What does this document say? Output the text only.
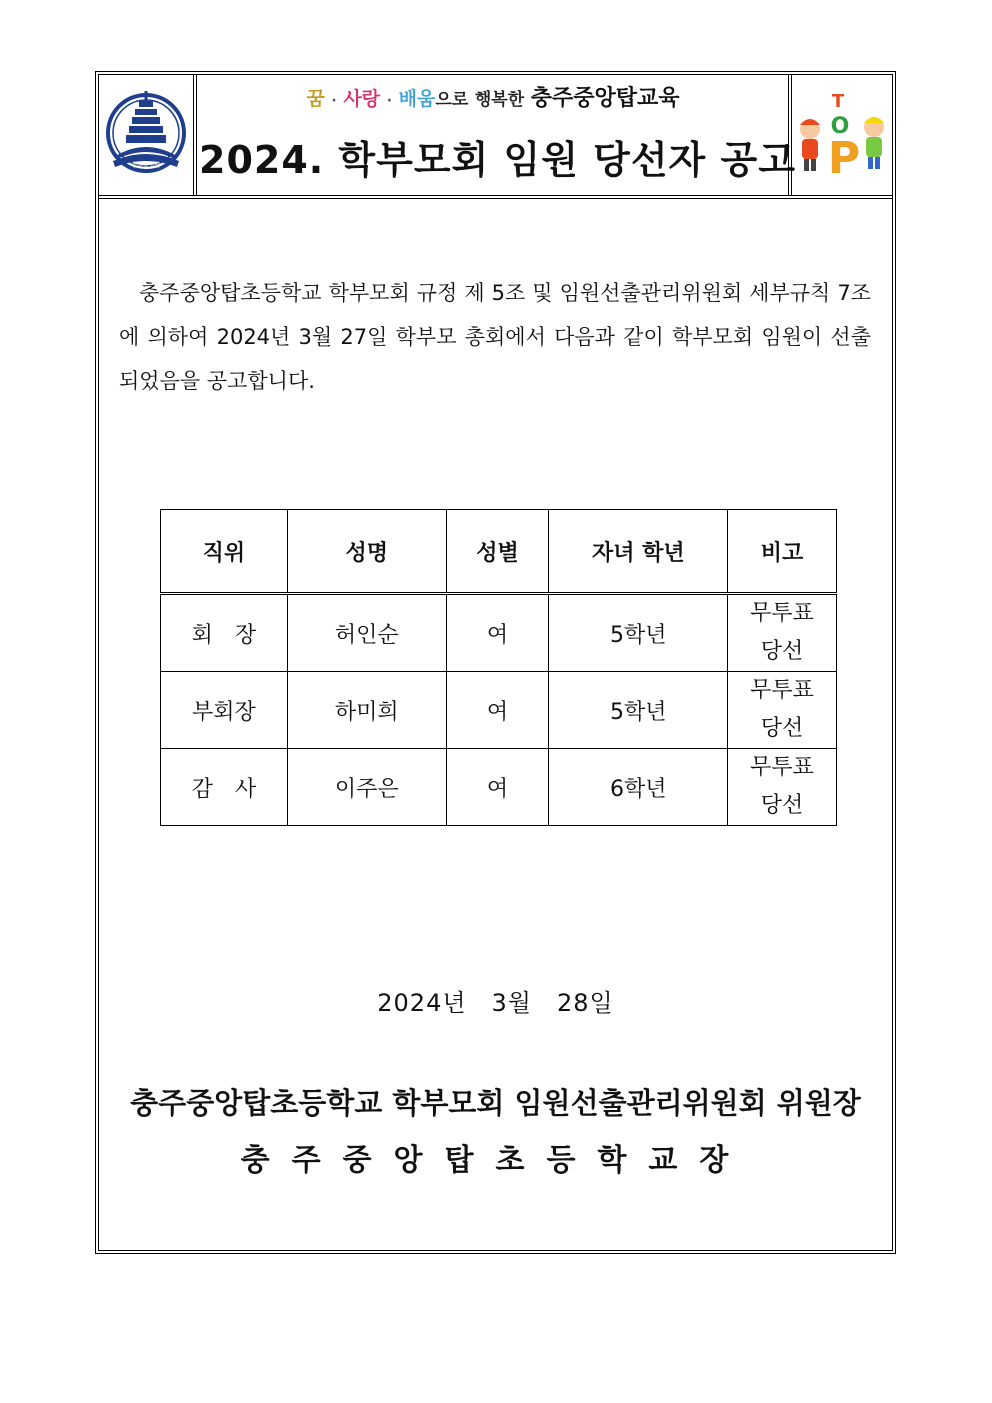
충주중앙탑
꿈 · 사랑 · 배움으로 행복한 충주중앙탑교육
2024. 학부모회 임원 당선자 공고
T
O
P

충주중앙탑초등학교 학부모회 규정 제 5조 및 임원선출관리위원회 세부규칙 7조에 의하여 2024년 3월 27일 학부모 총회에서 다음과 같이 학부모회 임원이 선출되었음을 공고합니다.

직위	성명	성별	자녀 학년	비고
회　장	허인순	여	5학년	무투표
당선
부회장	하미희	여	5학년	무투표
당선
감　사	이주은	여	6학년	무투표
당선
2024년　3월　28일
충주중앙탑초등학교 학부모회 임원선출관리위원회 위원장
충주중앙탑초등학교장
